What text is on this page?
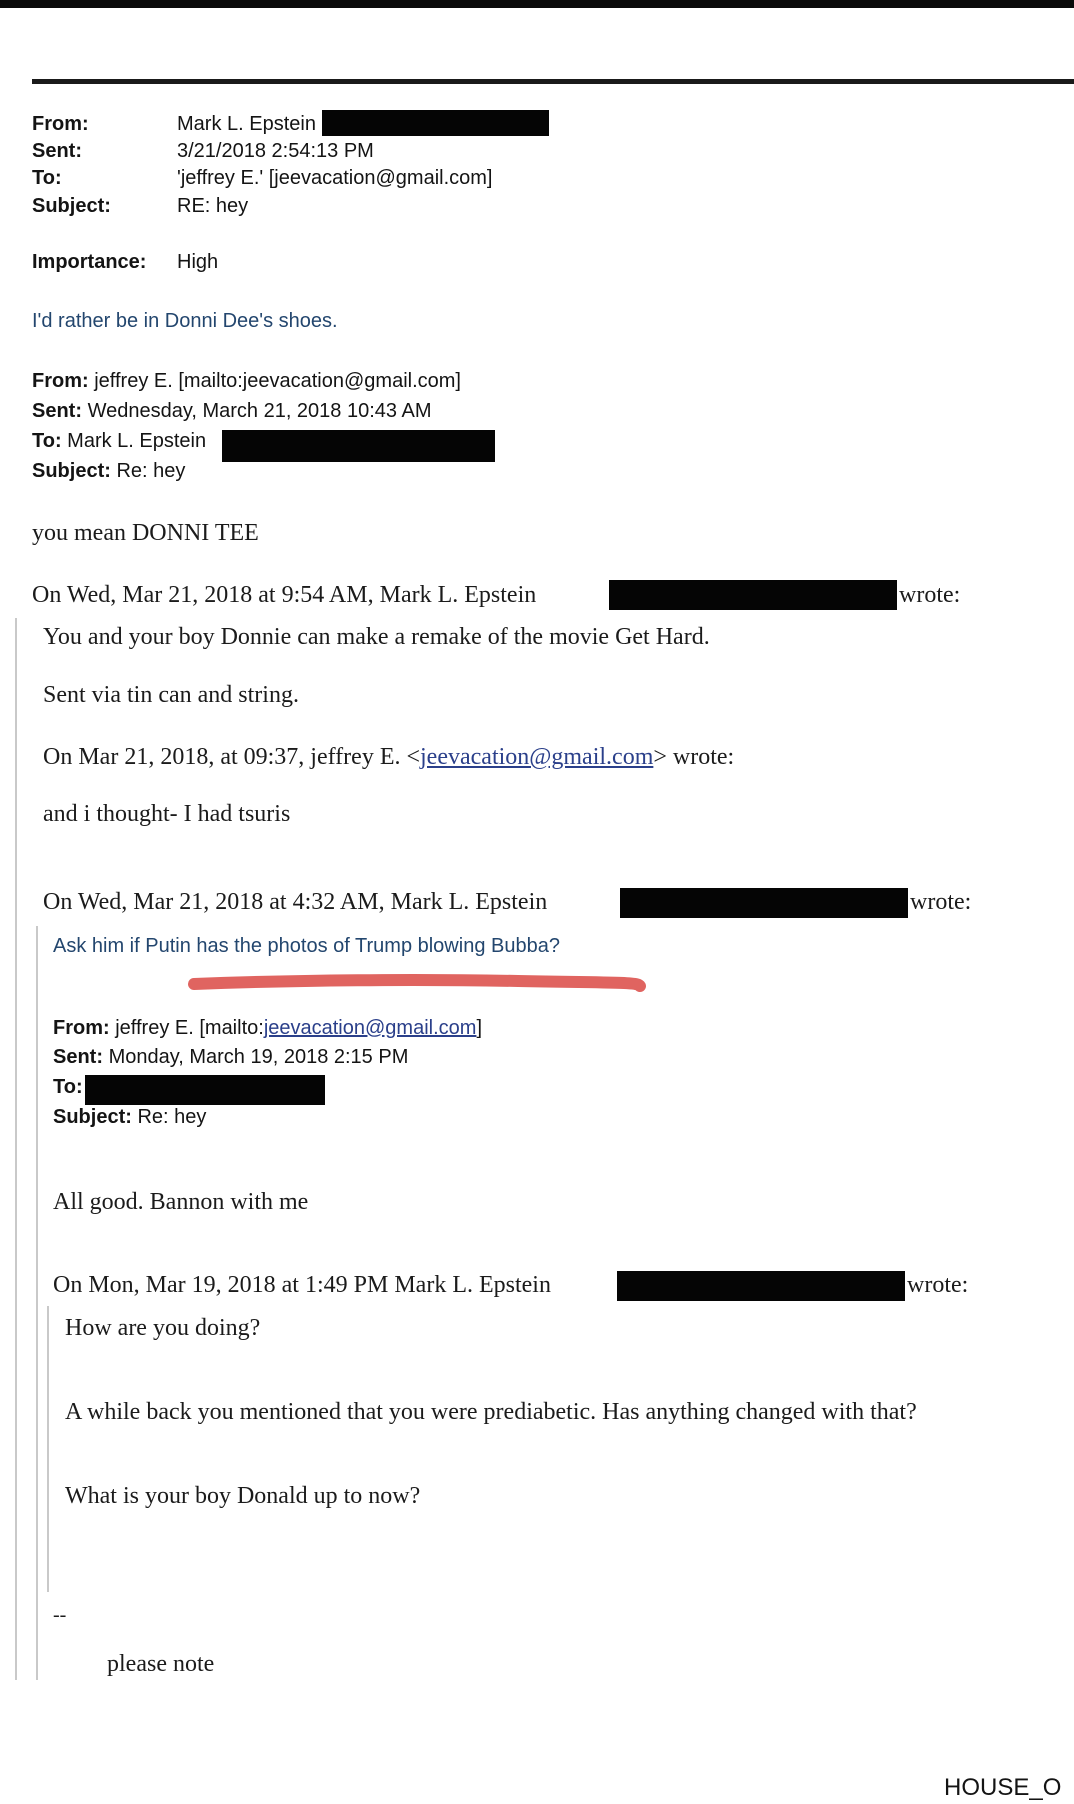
From:	Mark L. Epstein
Sent:	3/21/2018 2:54:13 PM
To:	'jeffrey E.' [jeevacation@gmail.com]
Subject:	RE: hey
Importance: High
I'd rather be in Donni Dee's shoes.
From: jeffrey E. [mailto:jeevacation@gmail.com]
Sent: Wednesday, March 21, 2018 10:43 AM
To: Mark L. Epstein
Subject: Re: hey
you mean DONNI TEE
On Wed, Mar 21, 2018 at 9:54 AM, Mark L. Epstein	wrote:
You and your boy Donnie can make a remake of the movie Get Hard.
Sent via tin can and string.
On Mar 21, 2018, at 09:37, jeffrey E. <jeevacation@gmail.com> wrote:
and i thought- I had tsuris
On Wed, Mar 21, 2018 at 4:32 AM, Mark L. Epstein	wrote:
Ask him if Putin has the photos of Trump blowing Bubba?
From: jeffrey E. [mailto:jeevacation@gmail.com]
Sent: Monday, March 19, 2018 2:15 PM
To:
Subject: Re: hey
All good. Bannon with me
On Mon, Mar 19, 2018 at 1:49 PM Mark L. Epstein	wrote:
How are you doing?
A while back you mentioned that you were prediabetic. Has anything changed with that?
What is your boy Donald up to now?
--
please note
HOUSE_O
